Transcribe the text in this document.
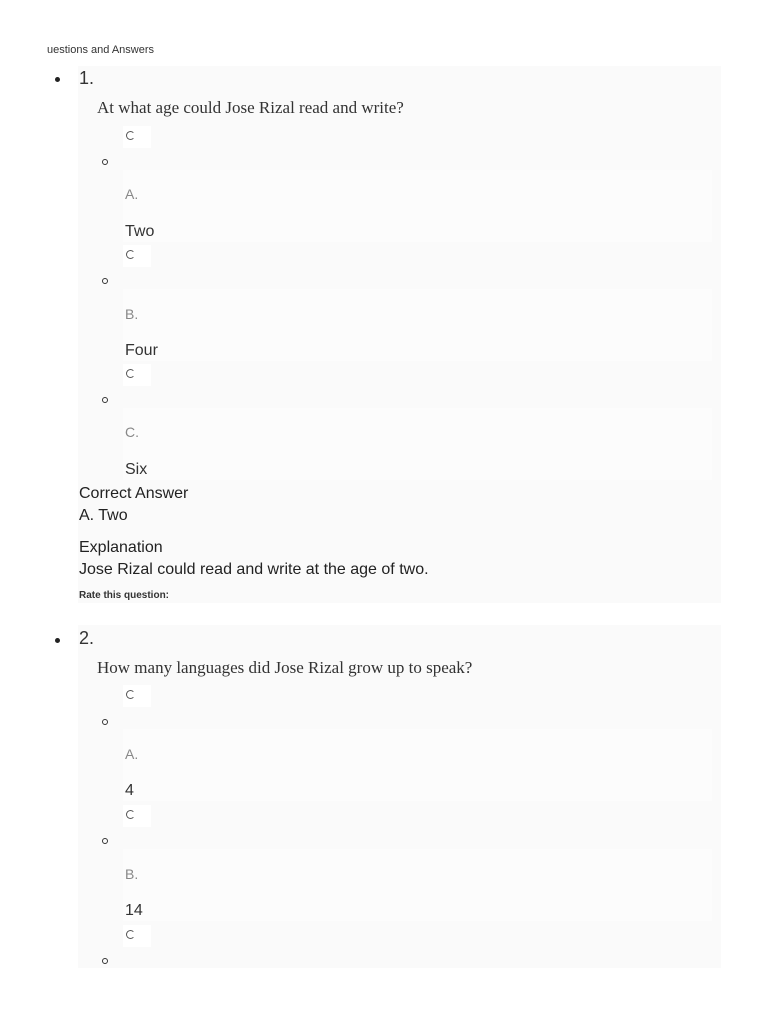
uestions and Answers
1.
At what age could Jose Rizal read and write?
A.
Two
B.
Four
C.
Six
Correct Answer
A. Two
Explanation
Jose Rizal could read and write at the age of two.
Rate this question:
2.
How many languages did Jose Rizal grow up to speak?
A.
4
B.
14
